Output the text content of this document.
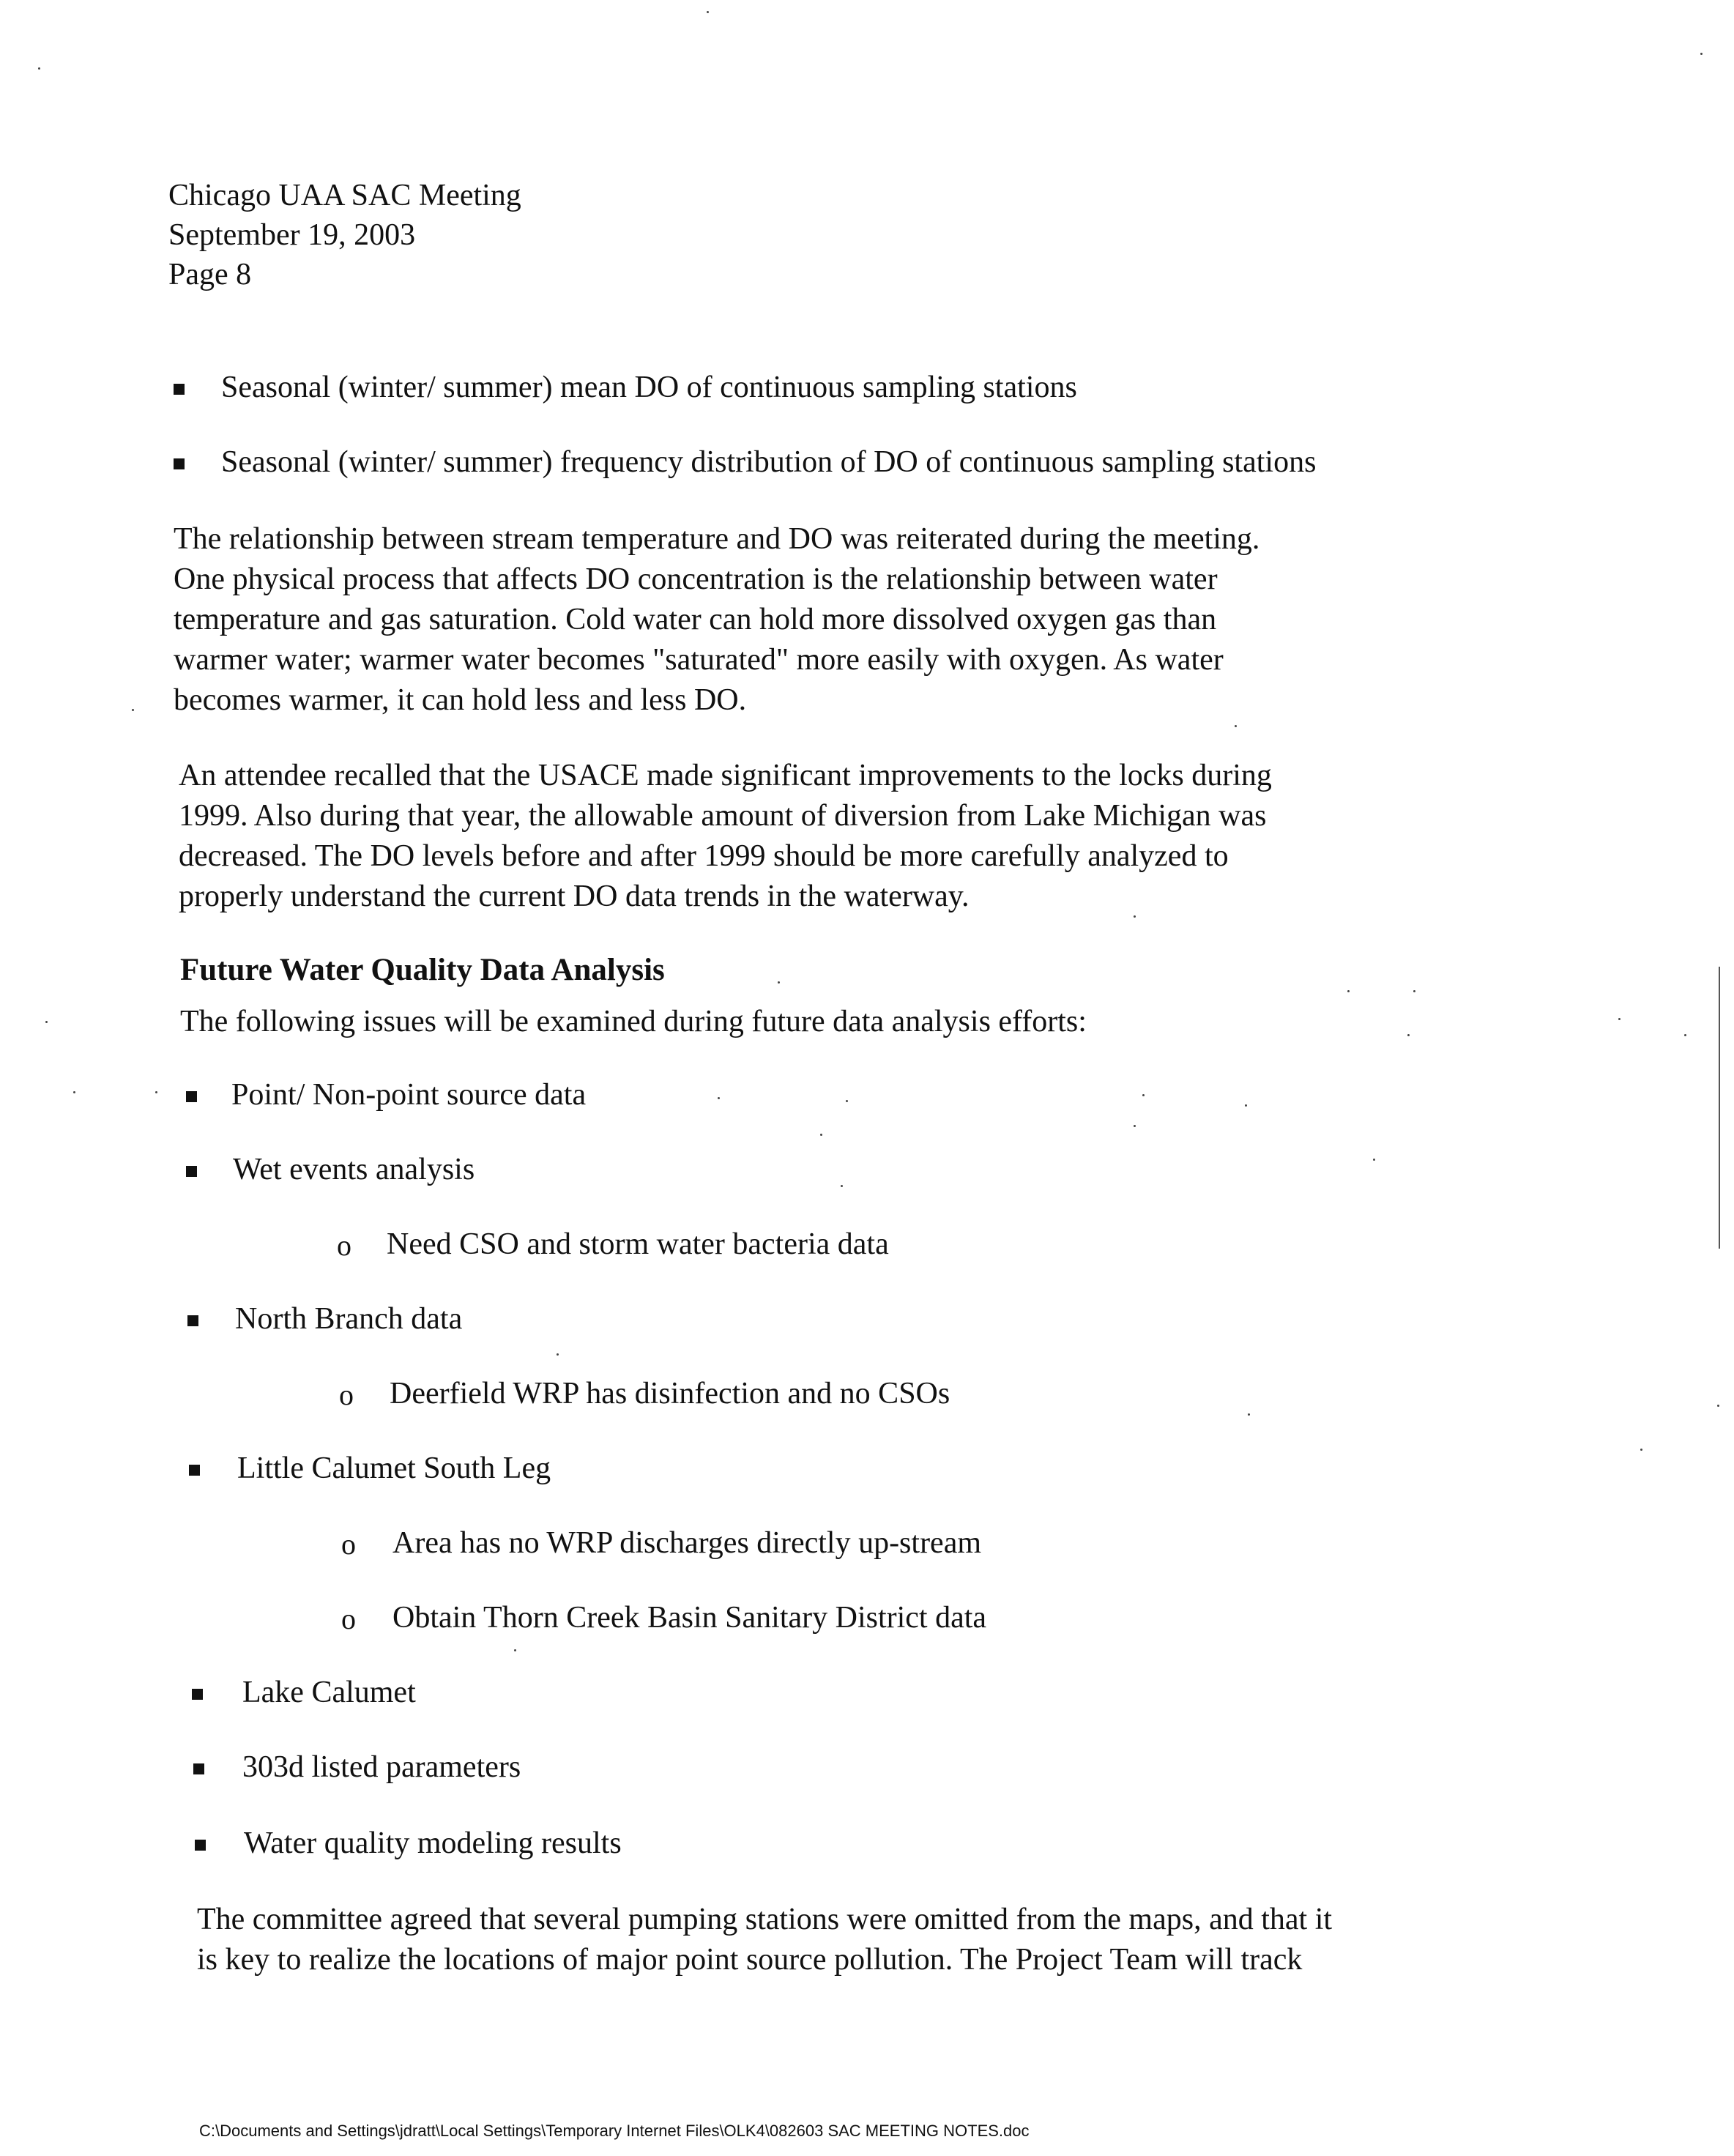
Chicago UAA SAC Meeting
September 19, 2003
Page 8
Seasonal (winter/ summer) mean DO of continuous sampling stations
Seasonal (winter/ summer) frequency distribution of DO of continuous sampling stations
The relationship between stream temperature and DO was reiterated during the meeting.
One physical process that affects DO concentration is the relationship between water
temperature and gas saturation. Cold water can hold more dissolved oxygen gas than
warmer water; warmer water becomes "saturated" more easily with oxygen. As water
becomes warmer, it can hold less and less DO.
An attendee recalled that the USACE made significant improvements to the locks during
1999. Also during that year, the allowable amount of diversion from Lake Michigan was
decreased. The DO levels before and after 1999 should be more carefully analyzed to
properly understand the current DO data trends in the waterway.
Future Water Quality Data Analysis
The following issues will be examined during future data analysis efforts:
Point/ Non-point source data
Wet events analysis
o Need CSO and storm water bacteria data
North Branch data
o Deerfield WRP has disinfection and no CSOs
Little Calumet South Leg
o Area has no WRP discharges directly up-stream
o Obtain Thorn Creek Basin Sanitary District data
Lake Calumet
303d listed parameters
Water quality modeling results
The committee agreed that several pumping stations were omitted from the maps, and that it
is key to realize the locations of major point source pollution. The Project Team will track
C:\Documents and Settings\jdratt\Local Settings\Temporary Internet Files\OLK4\082603 SAC MEETING NOTES.doc
